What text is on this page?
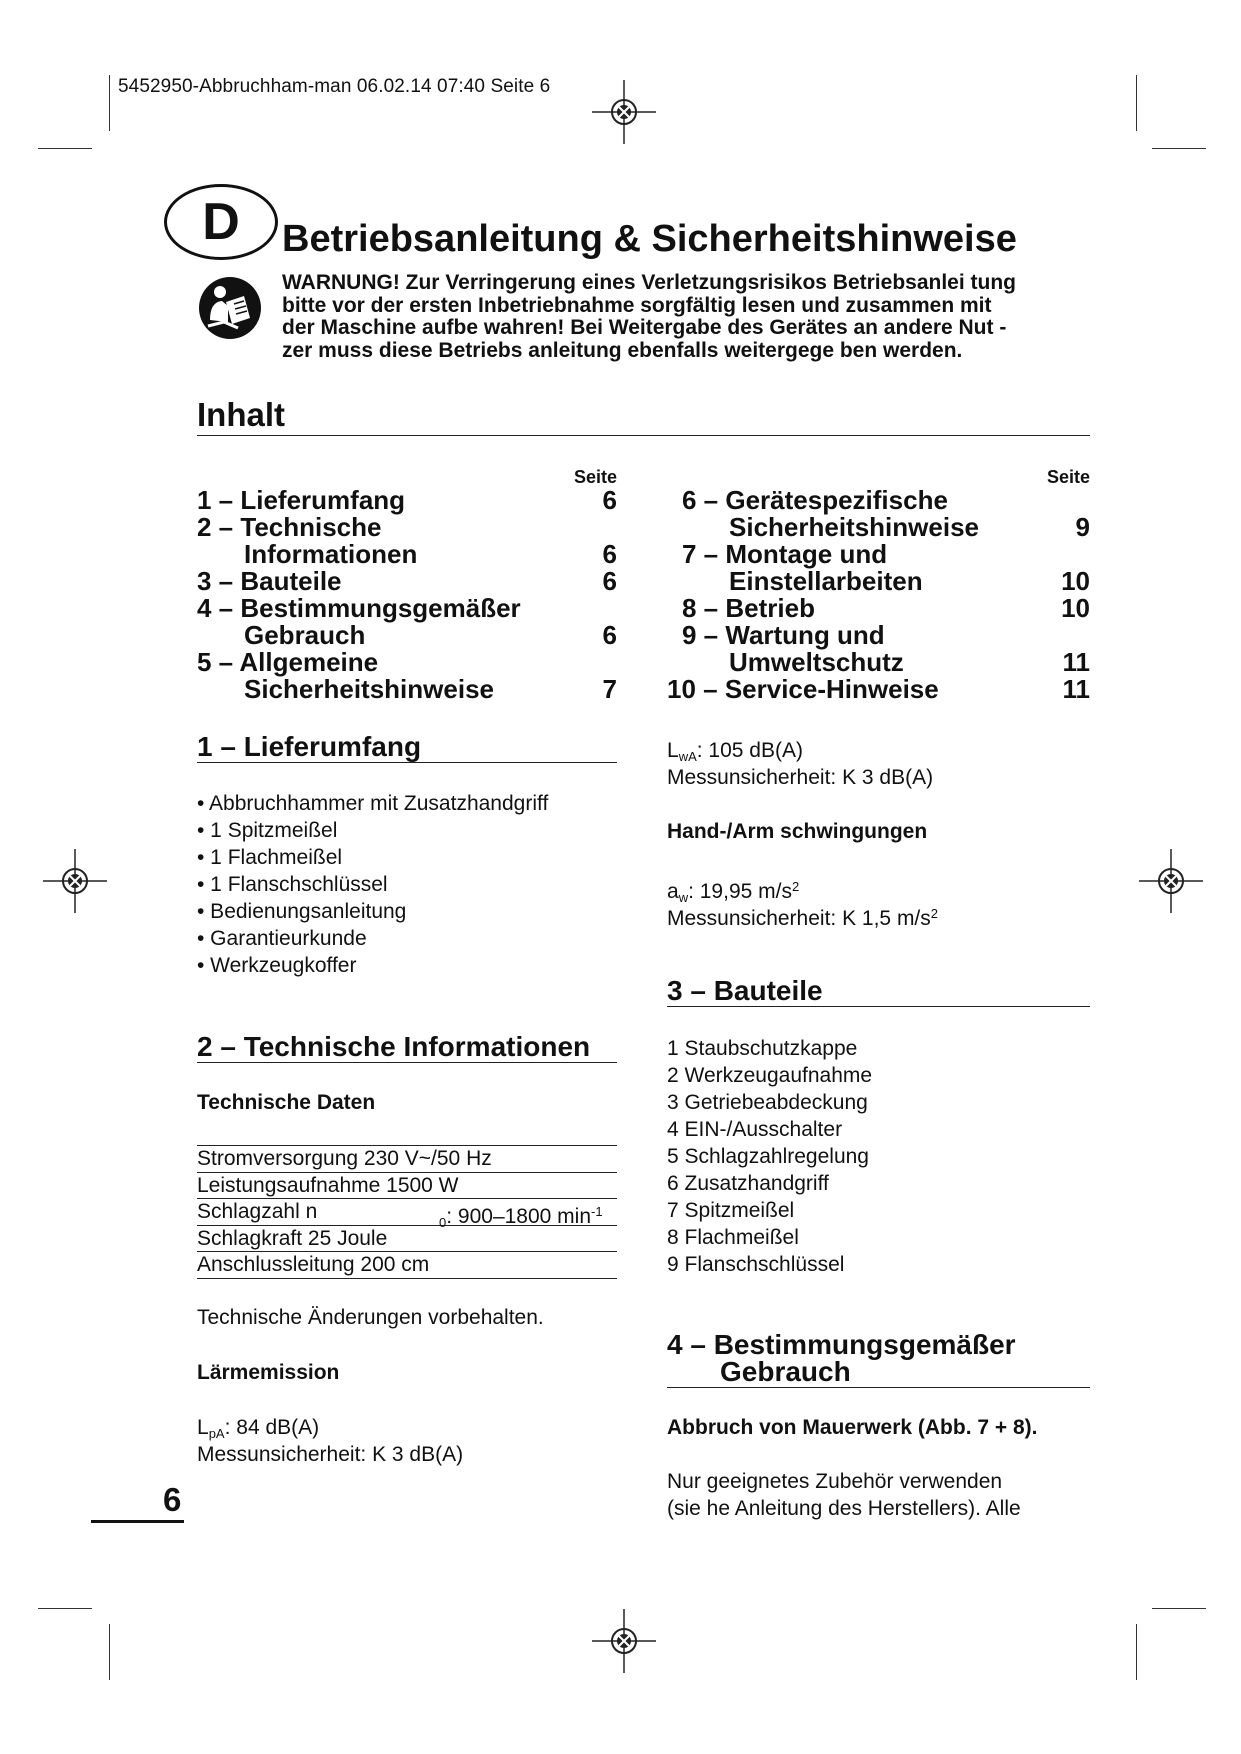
5452950-Abbruchham-man 06.02.14 07:40 Seite 6
D	Betriebsanleitung & Sicherheitshinweise
WARNUNG! Zur Verringerung eines Verletzungsrisikos Betriebsanlei tung
bitte vor der ersten Inbetriebnahme sorgfältig lesen und zusammen mit
der Maschine aufbe wahren! Bei Weitergabe des Gerätes an andere Nut -
zer muss diese Betriebs anleitung ebenfalls weitergege ben werden.
Inhalt
Seite	Seite
1 – Lieferumfang	6
2 – Technische
Informationen	6
3 – Bauteile	6
4 – Bestimmungsgemäßer
Gebrauch	6
5 – Allgemeine
Sicherheitshinweise	7
6 – Gerätespezifische
Sicherheitshinweise	9
7 – Montage und
Einstellarbeiten	10
8 – Betrieb	10
9 – Wartung und
Umweltschutz	11
10 – Service-Hinweise	11
1 – Lieferumfang
• Abbruchhammer mit Zusatzhandgriff
• 1 Spitzmeißel
• 1 Flachmeißel
• 1 Flanschschlüssel
• Bedienungsanleitung
• Garantieurkunde
• Werkzeugkoffer
2 – Technische Informationen
Technische Daten
Stromversorgung 230 V~/50 Hz
Leistungsaufnahme 1500 W
Schlagzahl n	$_0$: 900–1800 $\min^{-1}$
Schlagkraft 25 Joule
Anschlussleitung 200 cm
Technische Änderungen vorbehalten.
Lärmemission
$L_{pA}$: 84 dB(A)
Messunsicherheit: K 3 dB(A)
6
$L_{wA}$: 105 dB(A)
Messunsicherheit: K 3 dB(A)
Hand-/Arm schwingungen
$a_w$: 19,95 $m/s^2$
Messunsicherheit: K 1,5 $m/s^2$
3 – Bauteile
1 Staubschutzkappe
2 Werkzeugaufnahme
3 Getriebeabdeckung
4 EIN-/Ausschalter
5 Schlagzahlregelung
6 Zusatzhandgriff
7 Spitzmeißel
8 Flachmeißel
9 Flanschschlüssel
4 – Bestimmungsgemäßer
Gebrauch
Abbruch von Mauerwerk (Abb. 7 + 8).
Nur geeignetes Zubehör verwenden
(sie he Anleitung des Herstellers). Alle
